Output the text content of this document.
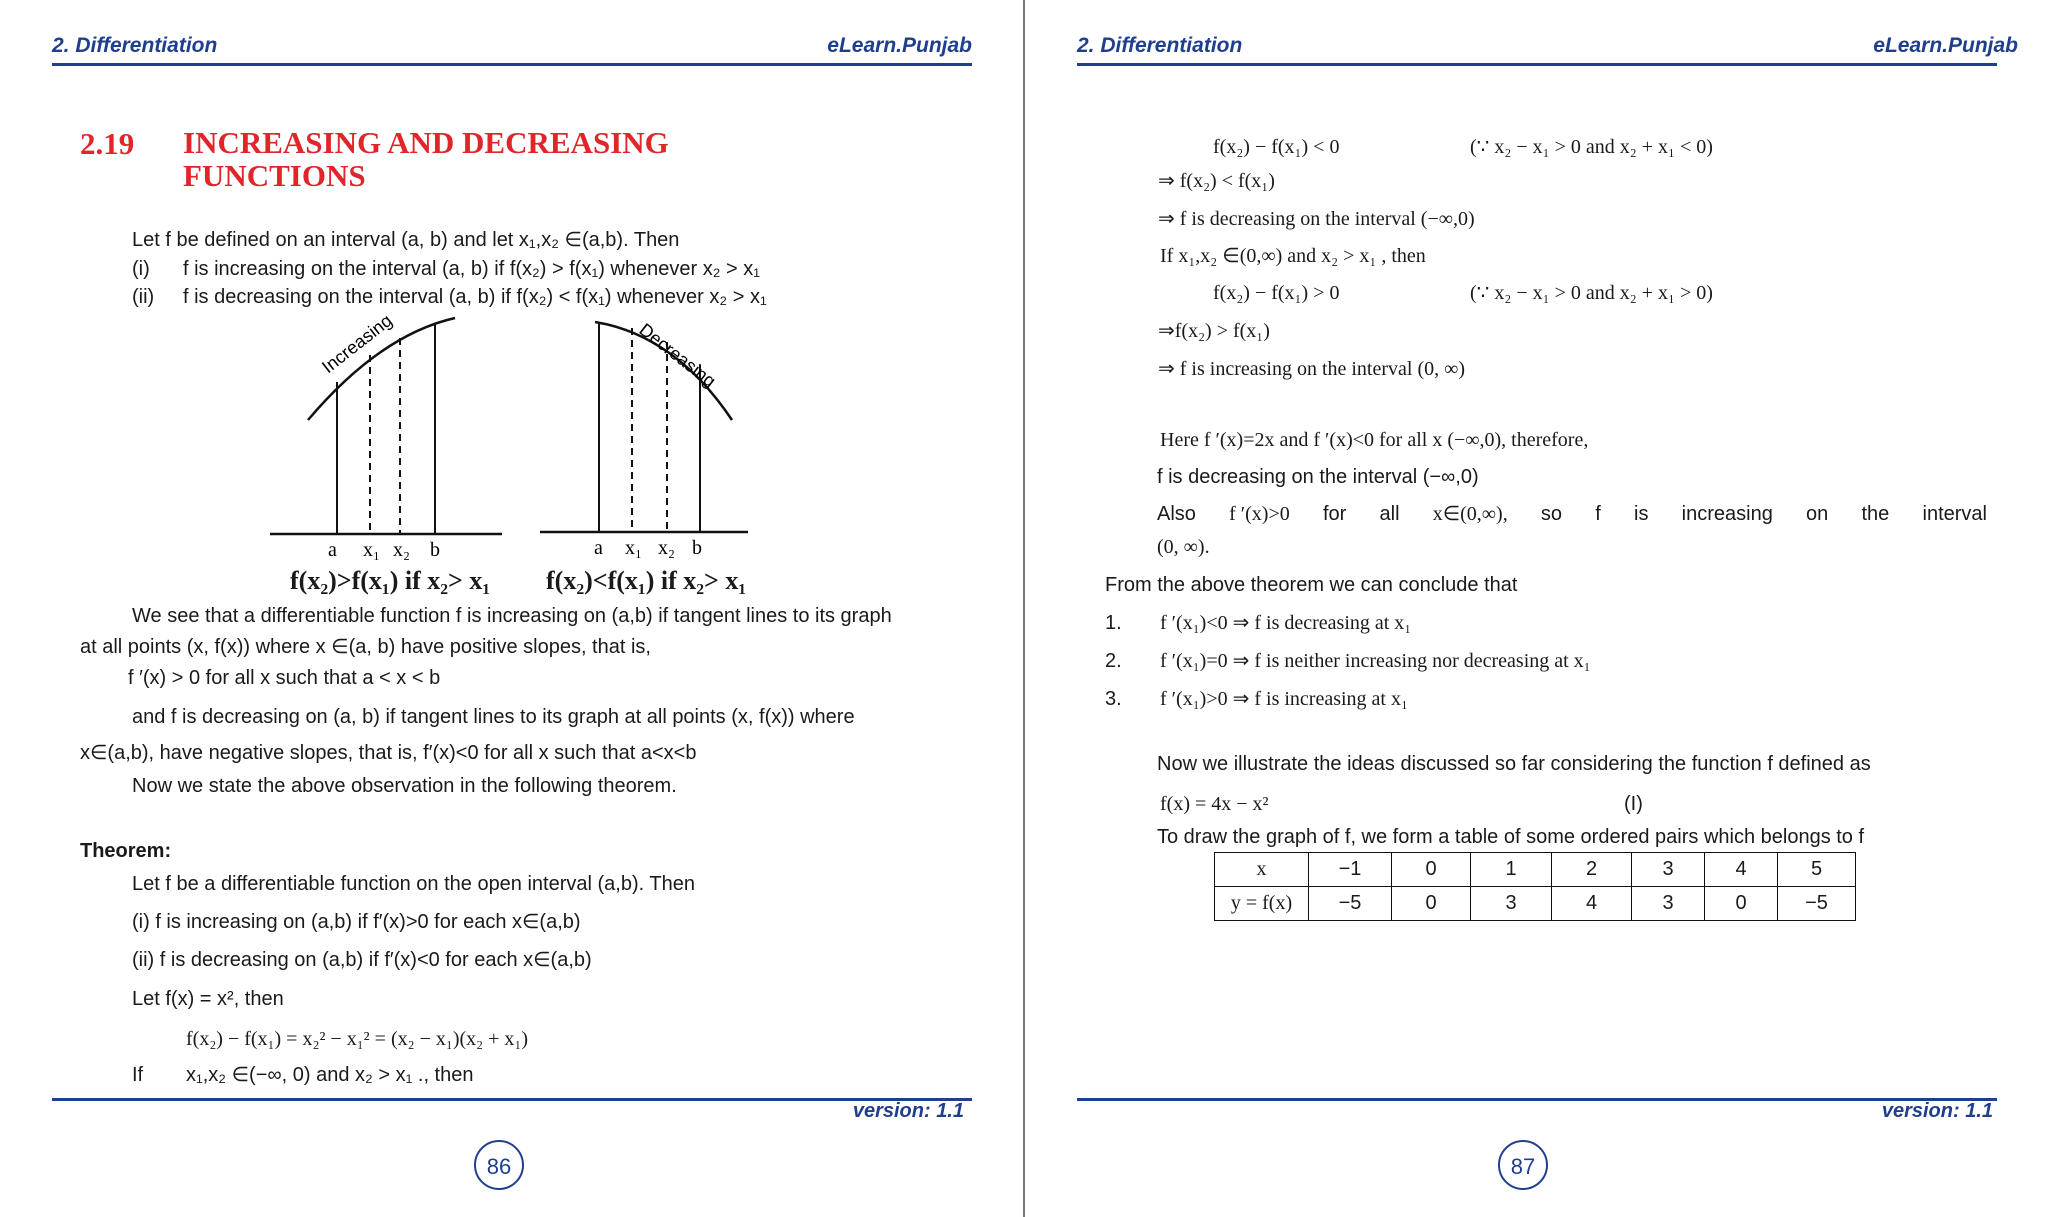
2. Differentiation	eLearn.Punjab
2.19 INCREASING AND DECREASING
FUNCTIONS
Let f be defined on an interval (a, b) and let x₁,x₂ ∈(a,b). Then
(i) f is increasing on the interval (a, b) if f(x₂) > f(x₁) whenever x₂ > x₁
(ii) f is decreasing on the interval (a, b) if f(x₂) < f(x₁) whenever x₂ > x₁
Increasing
a x₁ x₂ b
Decreasing
a x₁ x₂ b
f(x₂)>f(x₁) if x₂> x₁ f(x₂)<f(x₁) if x₂> x₁
We see that a differentiable function f is increasing on (a,b) if tangent lines to its graph
at all points (x, f(x)) where x ∈(a, b) have positive slopes, that is,
f ′(x) > 0 for all x such that a < x < b
and f is decreasing on (a, b) if tangent lines to its graph at all points (x, f(x)) where
x∈(a,b), have negative slopes, that is, f′(x)<0 for all x such that a<x<b
Now we state the above observation in the following theorem.
Theorem:
Let f be a differentiable function on the open interval (a,b). Then
(i) f is increasing on (a,b) if f′(x)>0 for each x∈(a,b)
(ii) f is decreasing on (a,b) if f′(x)<0 for each x∈(a,b)
Let f(x) = x², then
f(x₂) − f(x₁) = x₂² − x₁² = (x₂ − x₁)(x₂ + x₁)
If x₁,x₂ ∈(−∞, 0) and x₂ > x₁ ., then
version: 1.1
86
2. Differentiation	eLearn.Punjab
f(x₂) − f(x₁) < 0	(∵ x₂ − x₁ > 0 and x₂ + x₁ < 0)
⇒ f(x₂) < f(x₁)
⇒ f is decreasing on the interval (−∞,0)
If x₁,x₂ ∈(0,∞) and x₂ > x₁ , then
f(x₂) − f(x₁) > 0	(∵ x₂ − x₁ > 0 and x₂ + x₁ > 0)
⇒f(x₂) > f(x₁)
⇒ f is increasing on the interval (0, ∞)
Here f ′(x)=2x and f ′(x)<0 for all x (−∞,0), therefore,
f is decreasing on the interval (−∞,0)
Also f ′(x)>0 for all x∈(0,∞), so f is increasing on the interval
(0, ∞).
From the above theorem we can conclude that
1. f ′(x₁)<0 ⇒ f is decreasing at x₁
2. f ′(x₁)=0 ⇒ f is neither increasing nor decreasing at x₁
3. f ′(x₁)>0 ⇒ f is increasing at x₁
Now we illustrate the ideas discussed so far considering the function f defined as
f(x) = 4x − x²	(I)
To draw the graph of f, we form a table of some ordered pairs which belongs to f
version: 1.1
87
x	−1	0	1	2	3	4	5
y = f(x)	−5	0	3	4	3	0	−5
